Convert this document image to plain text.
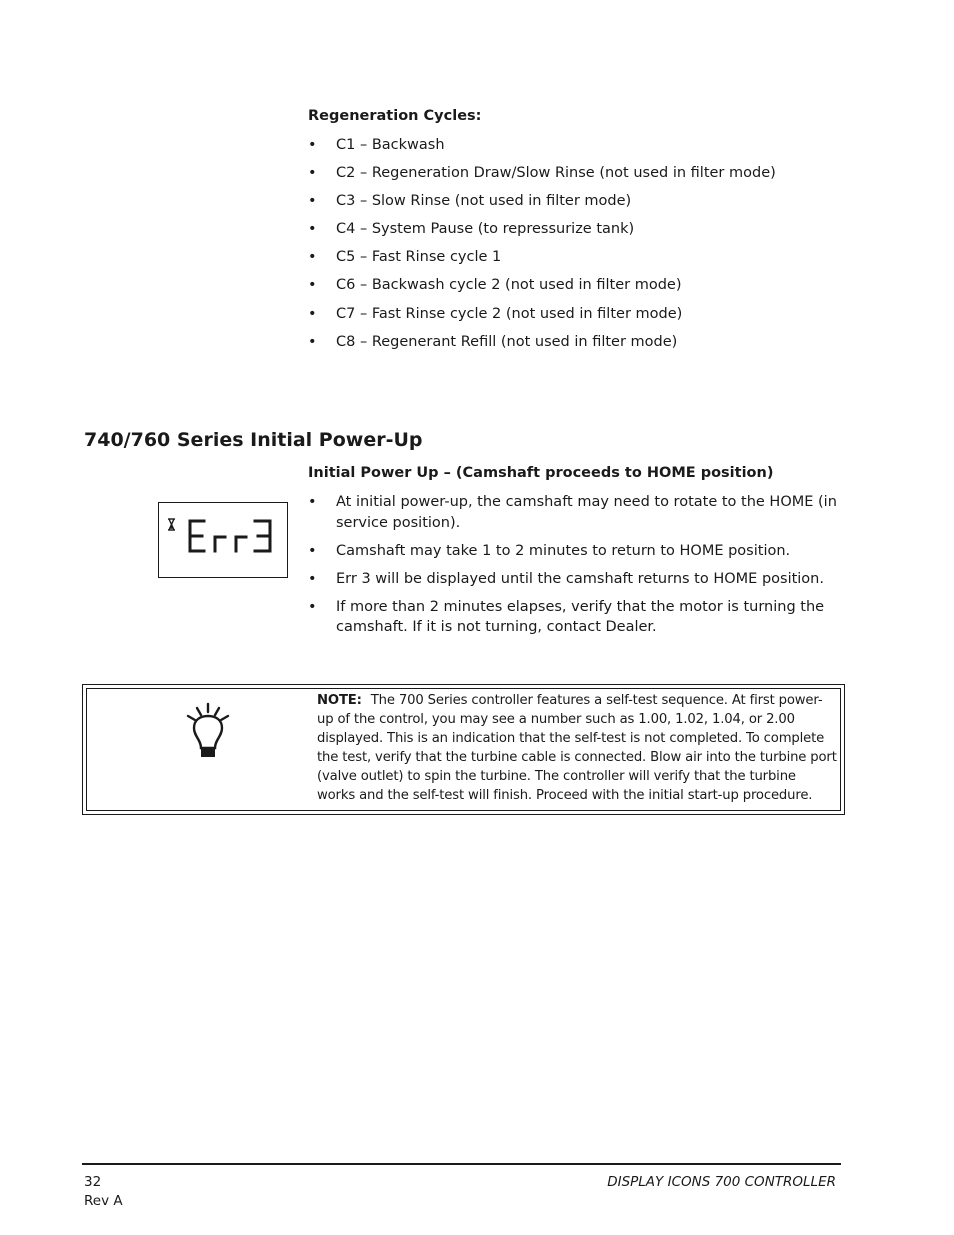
Regeneration Cycles:
• C1 – Backwash
• C2 – Regeneration Draw/Slow Rinse (not used in filter mode)
• C3 – Slow Rinse (not used in filter mode)
• C4 – System Pause (to repressurize tank)
• C5 – Fast Rinse cycle 1
• C6 – Backwash cycle 2 (not used in filter mode)
• C7 – Fast Rinse cycle 2 (not used in filter mode)
• C8 – Regenerant Refill (not used in filter mode)
740/760 Series Initial Power-Up
Initial Power Up – (Camshaft proceeds to HOME position)
• At initial power-up, the camshaft may need to rotate to the HOME (in service position).
• Camshaft may take 1 to 2 minutes to return to HOME position.
• Err 3 will be displayed until the camshaft returns to HOME position.
• If more than 2 minutes elapses, verify that the motor is turning the camshaft. If it is not turning, contact Dealer.
NOTE: The 700 Series controller features a self-test sequence. At first power-up of the control, you may see a number such as 1.00, 1.02, 1.04, or 2.00 displayed. This is an indication that the self-test is not completed. To complete the test, verify that the turbine cable is connected. Blow air into the turbine port (valve outlet) to spin the turbine. The controller will verify that the turbine works and the self-test will finish. Proceed with the initial start-up procedure.
32
Rev A
DISPLAY ICONS 700 CONTROLLER
